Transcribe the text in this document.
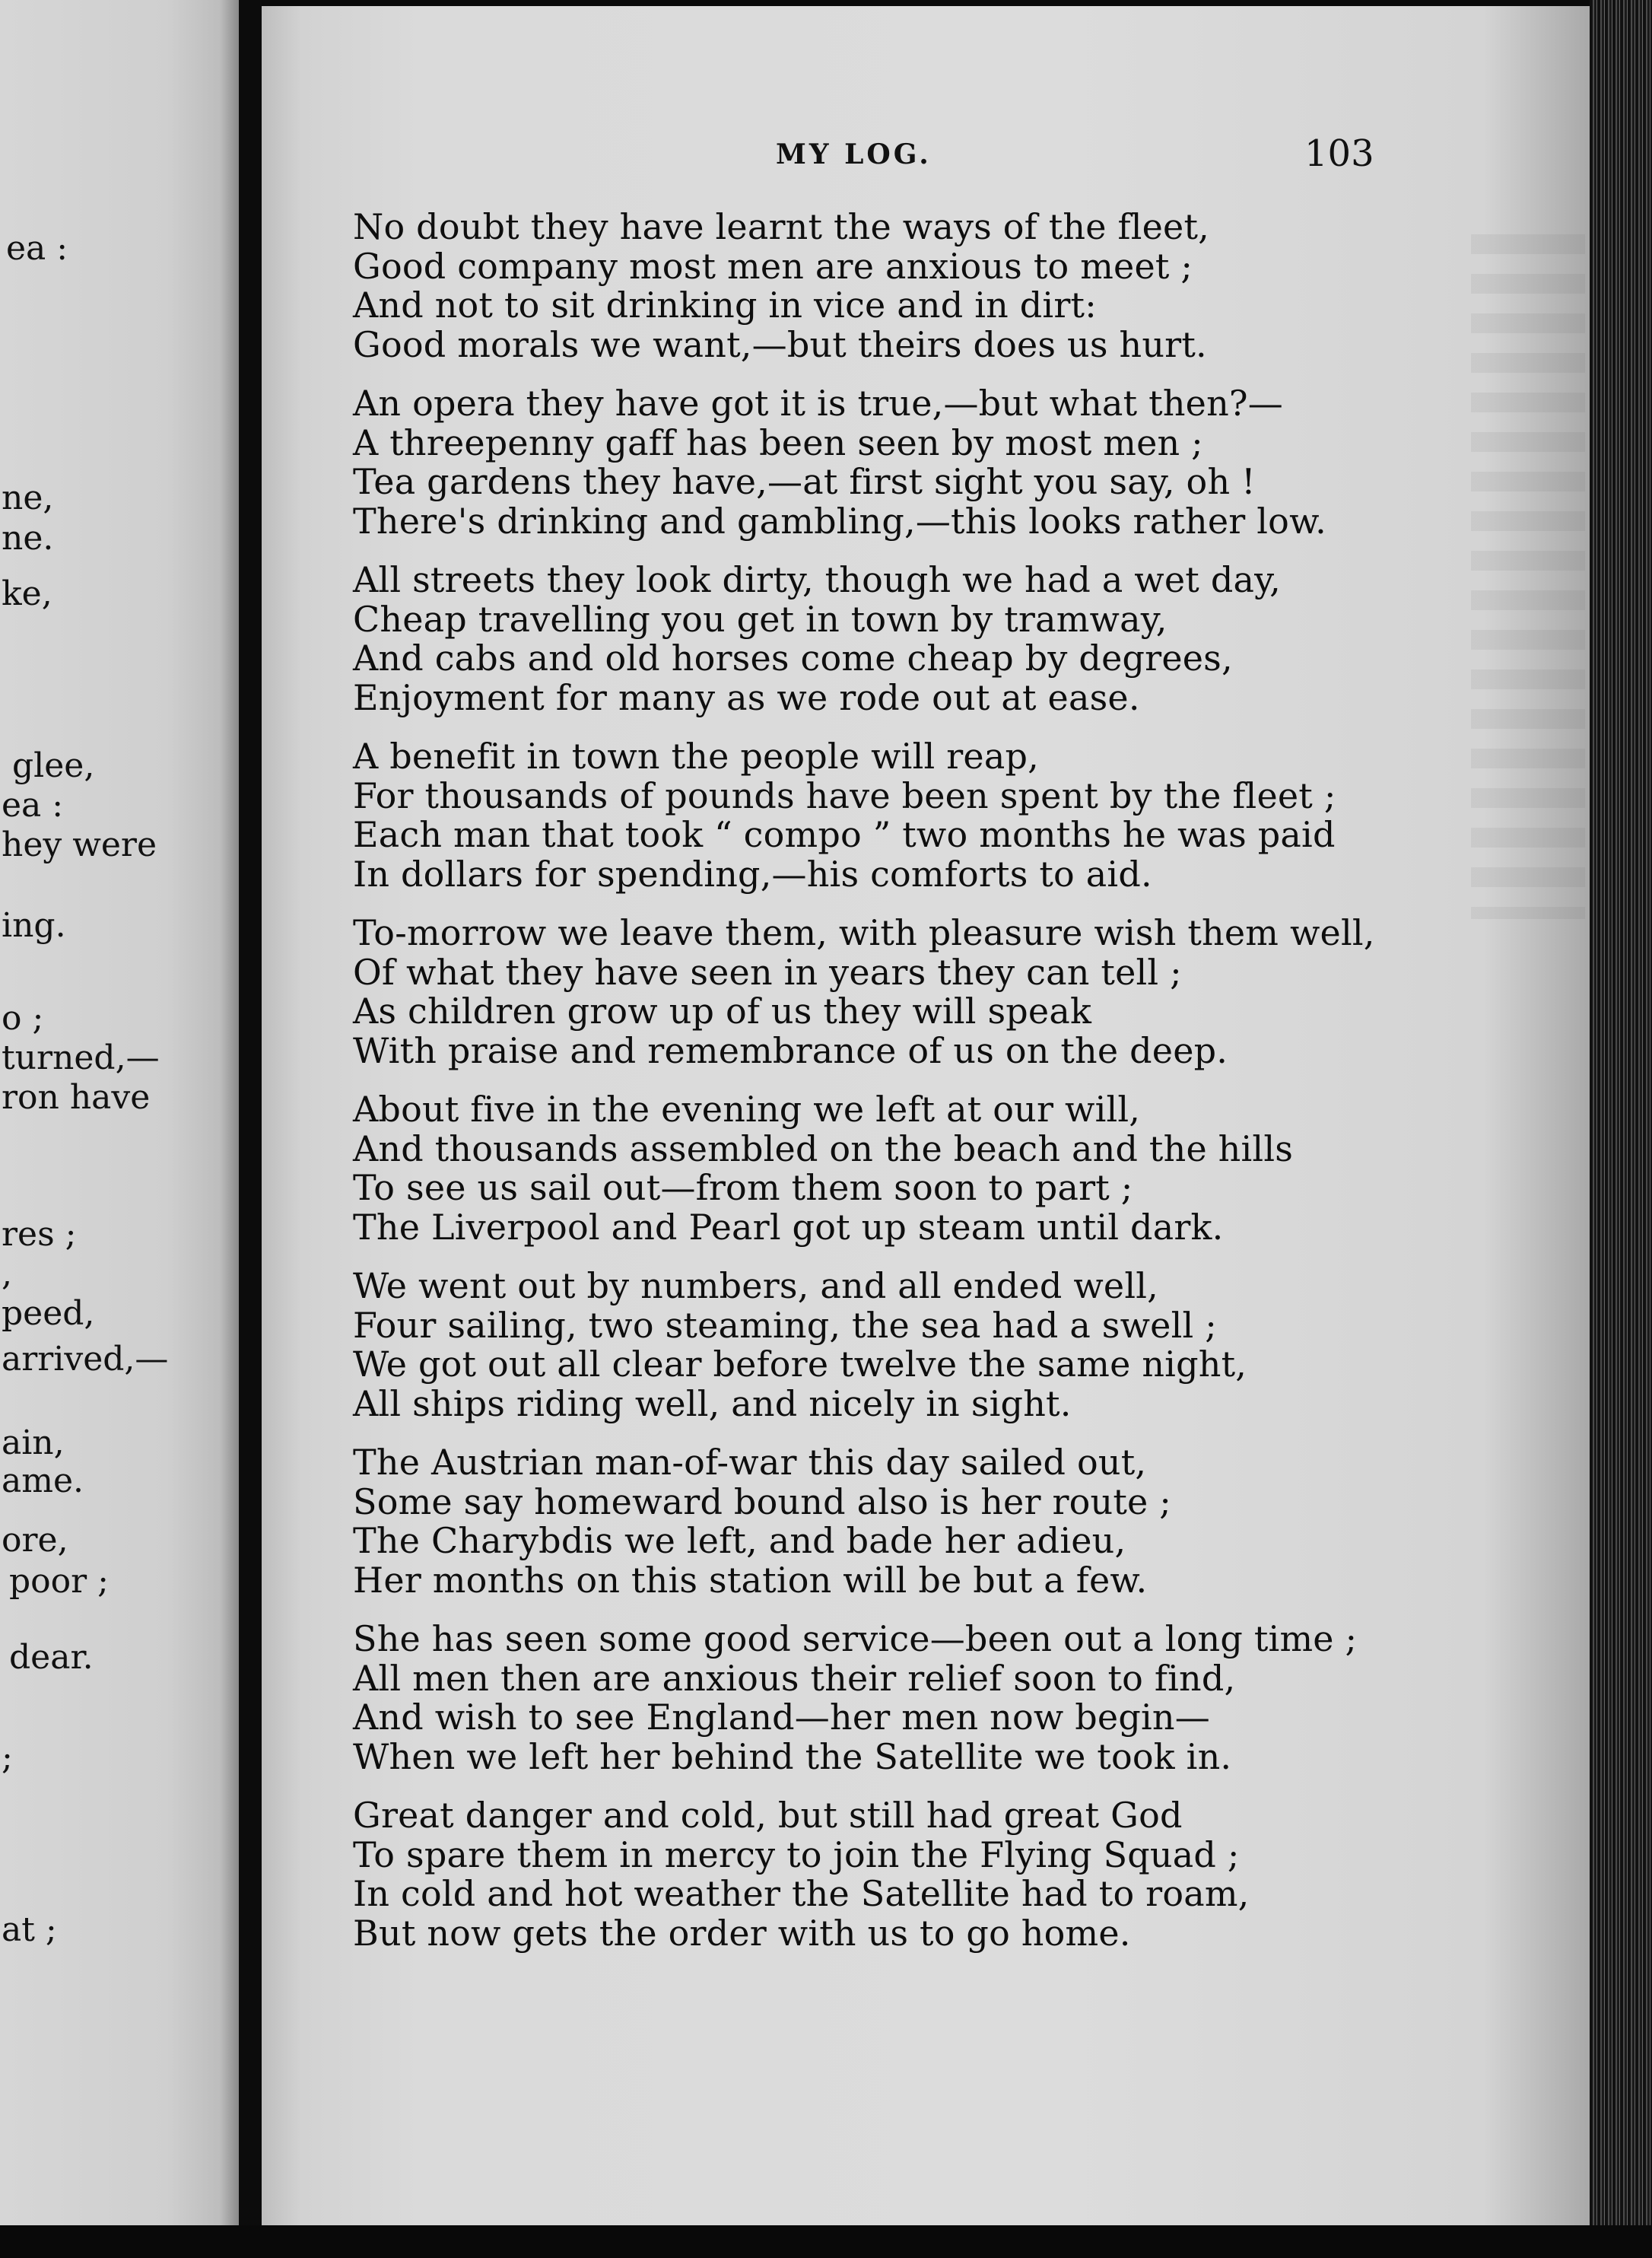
ea :
ne,
ne.
ke,
glee,
ea :
hey were
ing.
o ;
turned,—
ron have
res ;
,
peed,
arrived,—
ain,
ame.
ore,
poor ;
dear.
;
at ;
MY LOG.	103
No doubt they have learnt the ways of the fleet,
Good company most men are anxious to meet ;
And not to sit drinking in vice and in dirt:
Good morals we want,—but theirs does us hurt.
An opera they have got it is true,—but what then?—
A threepenny gaff has been seen by most men ;
Tea gardens they have,—at first sight you say, oh !
There's drinking and gambling,—this looks rather low.
All streets they look dirty, though we had a wet day,
Cheap travelling you get in town by tramway,
And cabs and old horses come cheap by degrees,
Enjoyment for many as we rode out at ease.
A benefit in town the people will reap,
For thousands of pounds have been spent by the fleet ;
Each man that took “ compo ” two months he was paid
In dollars for spending,—his comforts to aid.
To-morrow we leave them, with pleasure wish them well,
Of what they have seen in years they can tell ;
As children grow up of us they will speak
With praise and remembrance of us on the deep.
About five in the evening we left at our will,
And thousands assembled on the beach and the hills
To see us sail out—from them soon to part ;
The Liverpool and Pearl got up steam until dark.
We went out by numbers, and all ended well,
Four sailing, two steaming, the sea had a swell ;
We got out all clear before twelve the same night,
All ships riding well, and nicely in sight.
The Austrian man-of-war this day sailed out,
Some say homeward bound also is her route ;
The Charybdis we left, and bade her adieu,
Her months on this station will be but a few.
She has seen some good service—been out a long time ;
All men then are anxious their relief soon to find,
And wish to see England—her men now begin—
When we left her behind the Satellite we took in.
Great danger and cold, but still had great God
To spare them in mercy to join the Flying Squad ;
In cold and hot weather the Satellite had to roam,
But now gets the order with us to go home.
